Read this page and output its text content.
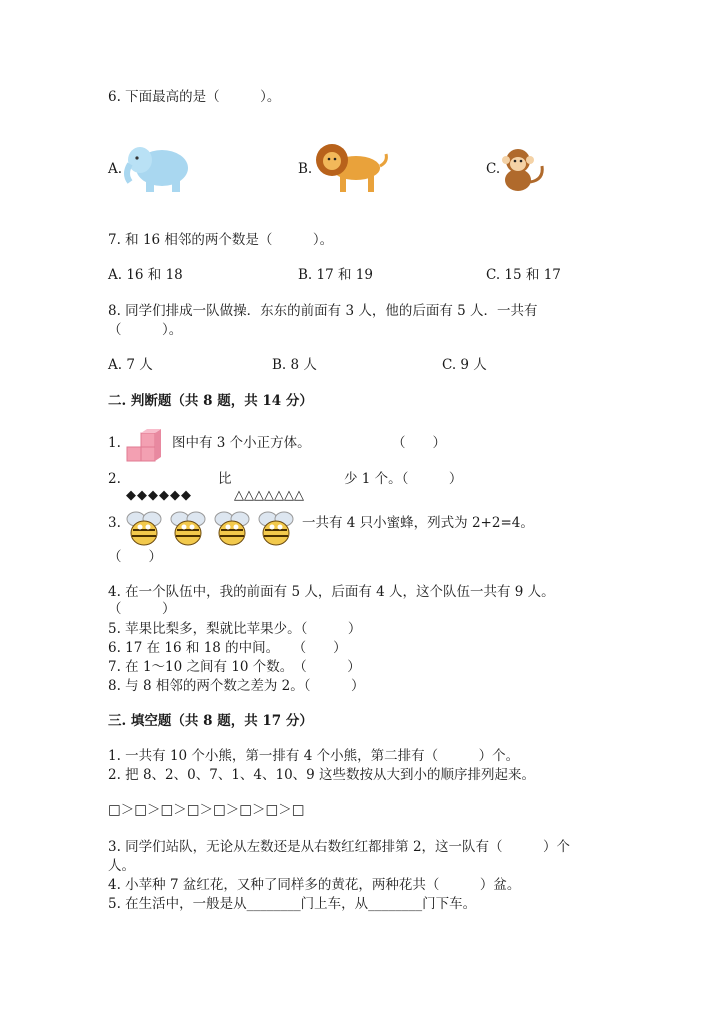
6. 下面最高的是（　　　）。
A.	B.	C.
7. 和 16 相邻的两个数是（　　　）。
A. 16 和 18	B. 17 和 19	C. 15 和 17
8. 同学们排成一队做操．东东的前面有 3 人，他的后面有 5 人．一共有
（　　　）。
A. 7 人	B. 8 人	C. 9 人
二. 判断题（共 8 题，共 14 分）
1.	图中有 3 个小正方体。	（　　）
2.	比	少 1 个。（　　　）
◆◆◆◆◆◆	△△△△△△△
3.	一共有 4 只小蜜蜂，列式为 2+2=4。
（　　）
4. 在一个队伍中，我的前面有 5 人，后面有 4 人，这个队伍一共有 9 人。
（　　　）
5. 苹果比梨多，梨就比苹果少。（　　　）
6. 17 在 16 和 18 的中间。　　（　　）
7. 在 1～10 之间有 10 个数。　（　　　）
8. 与 8 相邻的两个数之差为 2。（　　　）
三. 填空题（共 8 题，共 17 分）
1. 一共有 10 个小熊，第一排有 4 个小熊，第二排有（　　　）个。
2. 把 8、2、0、7、1、4、10、9 这些数按从大到小的顺序排列起来。
□＞□＞□＞□＞□＞□＞□＞□
3. 同学们站队，无论从左数还是从右数红红都排第 2，这一队有（　　　）个
人。
4. 小苹种 7 盆红花，又种了同样多的黄花，两种花共（　　　）盆。
5. 在生活中，一般是从________门上车，从________门下车。
